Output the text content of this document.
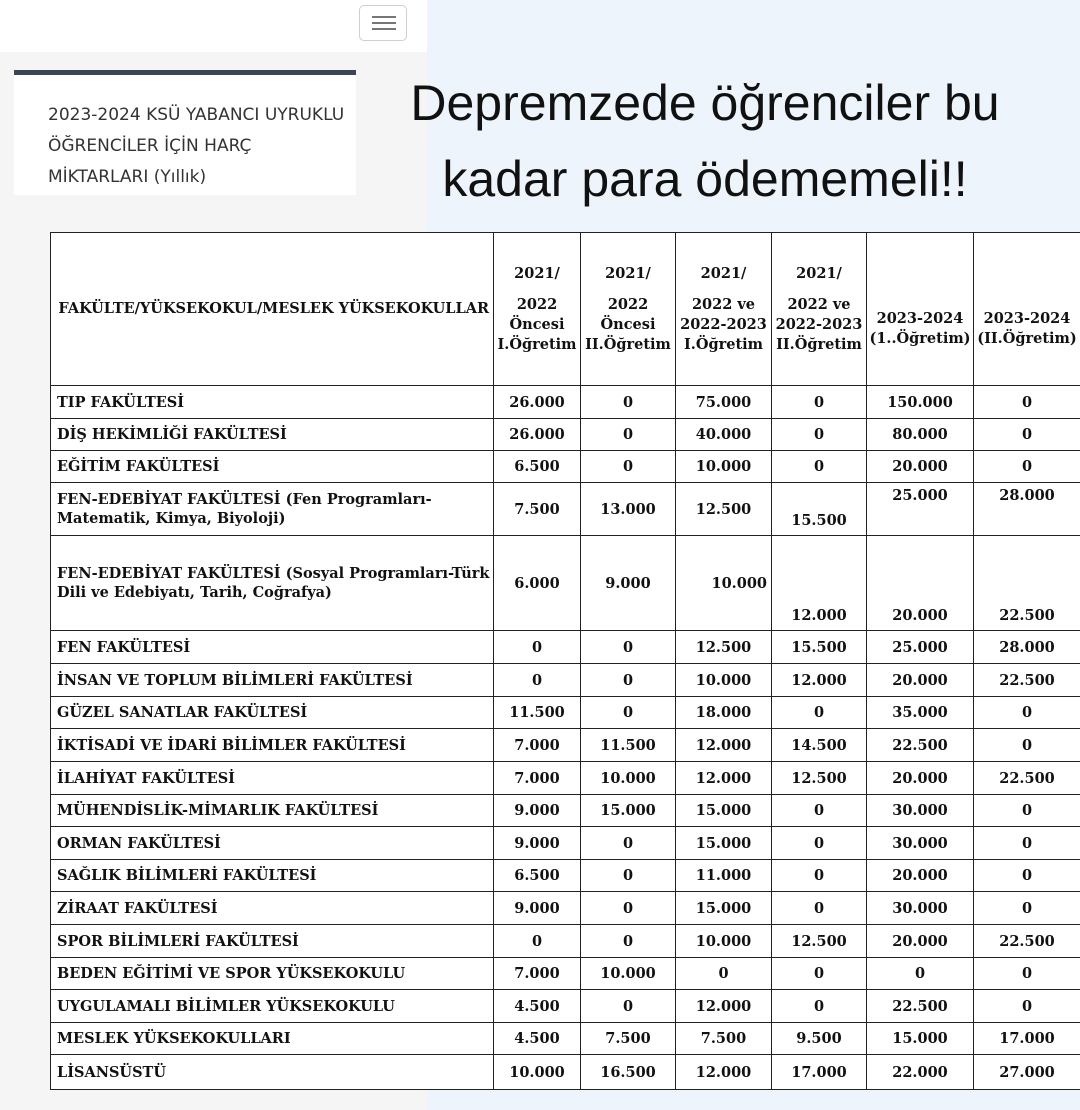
2023-2024 KSÜ YABANCI UYRUKLU ÖĞRENCİLER İÇİN HARÇ MİKTARLARI (Yıllık)
Depremzede öğrenciler bu kadar para ödememeli!!
FAKÜLTE/YÜKSEKOKUL/MESLEK YÜKSEKOKULLAR	2021/
2022
Öncesi
I.Öğretim	2021/
2022
Öncesi
II.Öğretim	2021/
2022 ve
2022-2023
I.Öğretim	2021/
2022 ve
2022-2023
II.Öğretim	2023-2024
(1..Öğretim)	2023-2024
(II.Öğretim)

TIP FAKÜLTESİ	26.000	0	75.000	0	150.000	0
DİŞ HEKİMLİĞİ FAKÜLTESİ	26.000	0	40.000	0	80.000	0
EĞİTİM FAKÜLTESİ	6.500	0	10.000	0	20.000	0
FEN-EDEBİYAT FAKÜLTESİ (Fen Programları-Matematik, Kimya, Biyoloji)	7.500	13.000	12.500	15.500	25.000	28.000
FEN-EDEBİYAT FAKÜLTESİ (Sosyal Programları-Türk Dili ve Edebiyatı, Tarih, Coğrafya)	6.000	9.000	10.000	12.000	20.000	22.500
FEN FAKÜLTESİ	0	0	12.500	15.500	25.000	28.000
İNSAN VE TOPLUM BİLİMLERİ FAKÜLTESİ	0	0	10.000	12.000	20.000	22.500
GÜZEL SANATLAR FAKÜLTESİ	11.500	0	18.000	0	35.000	0
İKTİSADİ VE İDARİ BİLİMLER FAKÜLTESİ	7.000	11.500	12.000	14.500	22.500	0
İLAHİYAT FAKÜLTESİ	7.000	10.000	12.000	12.500	20.000	22.500
MÜHENDİSLİK-MİMARLIK FAKÜLTESİ	9.000	15.000	15.000	0	30.000	0
ORMAN FAKÜLTESİ	9.000	0	15.000	0	30.000	0
SAĞLIK BİLİMLERİ FAKÜLTESİ	6.500	0	11.000	0	20.000	0
ZİRAAT FAKÜLTESİ	9.000	0	15.000	0	30.000	0
SPOR BİLİMLERİ FAKÜLTESİ	0	0	10.000	12.500	20.000	22.500
BEDEN EĞİTİMİ VE SPOR YÜKSEKOKULU	7.000	10.000	0	0	0	0
UYGULAMALI BİLİMLER YÜKSEKOKULU	4.500	0	12.000	0	22.500	0
MESLEK YÜKSEKOKULLARI	4.500	7.500	7.500	9.500	15.000	17.000
LİSANSÜSTÜ	10.000	16.500	12.000	17.000	22.000	27.000
